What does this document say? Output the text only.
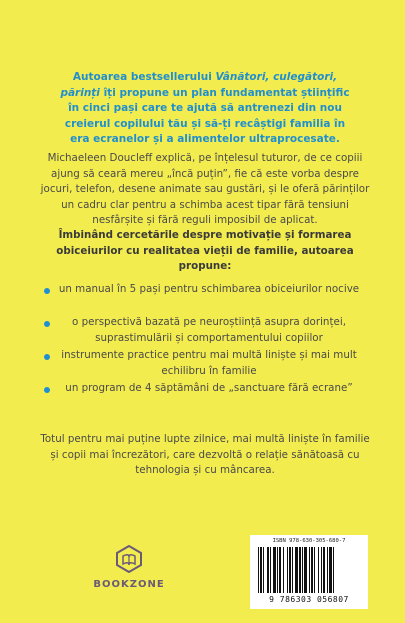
Autoarea bestsellerului Vânători, culegători, părinți îți propune un plan fundamentat științific în cinci pași care te ajută să antrenezi din nou creierul copilului tău și să-ți recâștigi familia în era ecranelor și a alimentelor ultraprocesate.
Michaeleen Doucleff explică, pe înțelesul tuturor, de ce copiii ajung să ceară mereu „încă puțin”, fie că este vorba despre jocuri, telefon, desene animate sau gustări, și le oferă părinților un cadru clar pentru a schimba acest tipar fără tensiuni nesfârșite și fără reguli imposibil de aplicat.
Îmbinând cercetările despre motivație și formarea obiceiurilor cu realitatea vieții de familie, autoarea propune:
un manual în 5 pași pentru schimbarea obiceiurilor nocive
o perspectivă bazată pe neuroștiință asupra dorinței, suprastimulării și comportamentului copiilor
instrumente practice pentru mai multă liniște și mai mult echilibru în familie
un program de 4 săptămâni de „sanctuare fără ecrane”
Totul pentru mai puține lupte zilnice, mai multă liniște în familie și copii mai încrezători, care dezvoltă o relație sănătoasă cu tehnologia și cu mâncarea.
BOOKZONE
ISBN 978-630-305-680-7
9 786303 056807
